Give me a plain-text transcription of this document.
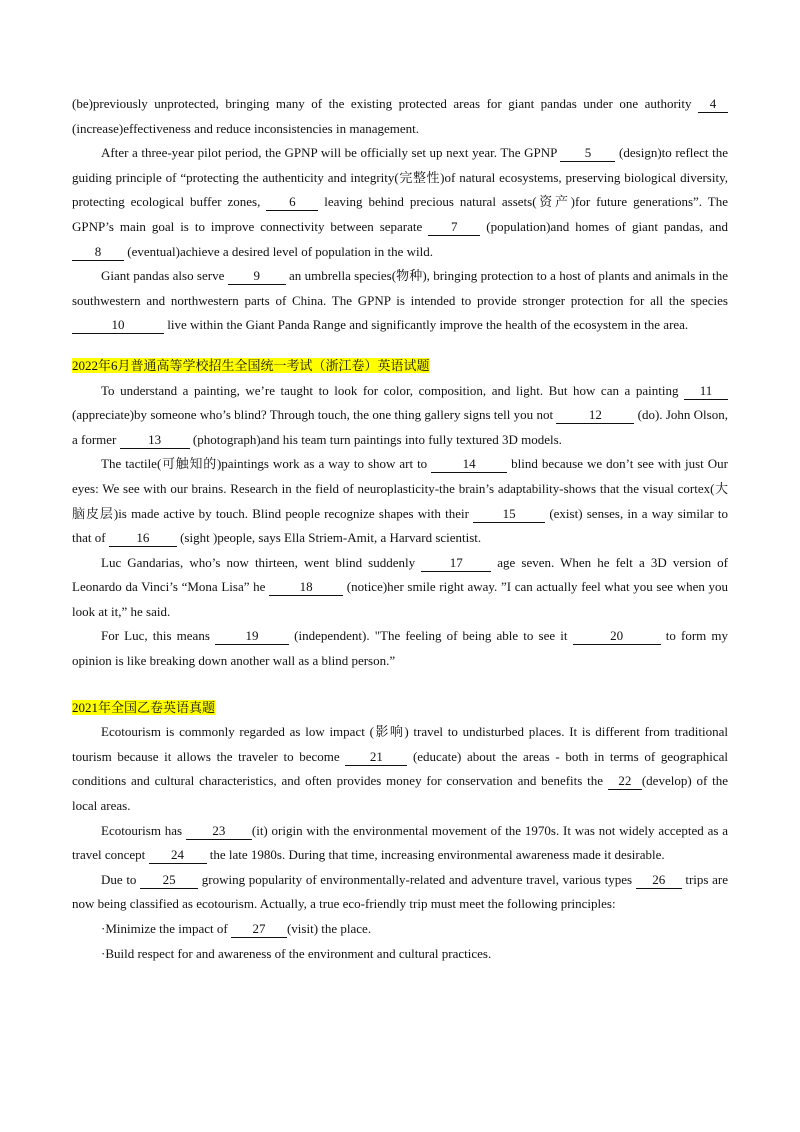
(be)previously unprotected, bringing many of the existing protected areas for giant pandas under one authority 4 (increase)effectiveness and reduce inconsistencies in management.

After a three-year pilot period, the GPNP will be officially set up next year. The GPNP 5 (design)to reflect the guiding principle of “protecting the authenticity and integrity(完整性)of natural ecosystems, preserving biological diversity, protecting ecological buffer zones, 6 leaving behind precious natural assets(资产)for future generations”. The GPNP’s main goal is to improve connectivity between separate 7 (population)and homes of giant pandas, and 8 (eventual)achieve a desired level of population in the wild.

Giant pandas also serve 9 an umbrella species(物种), bringing protection to a host of plants and animals in the southwestern and northwestern parts of China. The GPNP is intended to provide stronger protection for all the species 10	live within the Giant Panda Range and significantly improve the health of the ecosystem in the area.

2022年6月普通高等学校招生全国统一考试（浙江卷）英语试题

To understand a painting, we’re taught to look for color, composition, and light. But how can a painting 11 (appreciate)by someone who’s blind? Through touch, the one thing gallery signs tell you not	12	(do). John Olson, a former 13 (photograph)and his team turn paintings into fully textured 3D models.

The tactile(可触知的)paintings work as a way to show art to 14 blind because we don’t see with just Our eyes: We see with our brains. Research in the field of neuroplasticity-the brain’s adaptability-shows that the visual cortex(大脑皮层)is made active by touch. Blind people recognize shapes with their 15 (exist) senses, in a way similar to that of 16 (sight )people, says Ella Striem-Amit, a Harvard scientist.

Luc Gandarias, who’s now thirteen, went blind suddenly 17 age seven. When he felt a 3D version of Leonardo da Vinci’s “Mona Lisa” he 18 (notice)her smile right away. ”I can actually feel what you see when you look at it,” he said.

For Luc, this means 19 (independent). "The feeling of being able to see it	20	to form my opinion is like breaking down another wall as a blind person.”

2021年全国乙卷英语真题

Ecotourism is commonly regarded as low impact (影响) travel to undisturbed places. It is different from traditional tourism because it allows the traveler to become 21 (educate) about the areas - both in terms of geographical conditions and cultural characteristics, and often provides money for conservation and benefits the 22 (develop) of the local areas.

Ecotourism has 23 (it) origin with the environmental movement of the 1970s. It was not widely accepted as a travel concept 24 the late 1980s. During that time, increasing environmental awareness made it desirable.

Due to 25 growing popularity of environmentally-related and adventure travel, various types 26 trips are now being classified as ecotourism. Actually, a true eco-friendly trip must meet the following principles:

·Minimize the impact of 27 (visit) the place.

·Build respect for and awareness of the environment and cultural practices.
